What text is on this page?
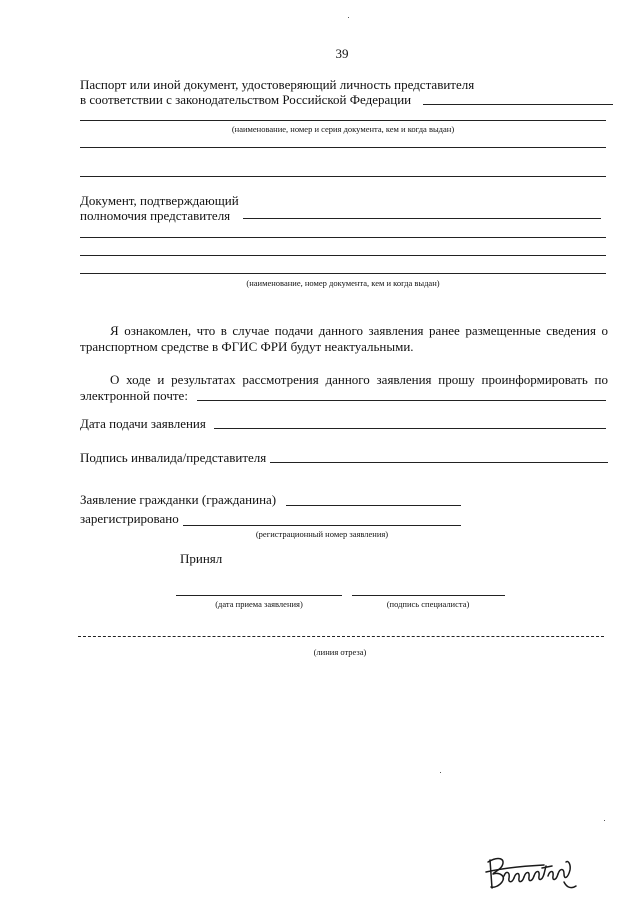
39
Паспорт или иной документ, удостоверяющий личность представителя
в соответствии с законодательством Российской Федерации
(наименование, номер и серия документа, кем и когда выдан)
Документ, подтверждающий
полномочия представителя
(наименование, номер документа, кем и когда выдан)
Я ознакомлен, что в случае подачи данного заявления ранее размещенные сведения о
транспортном средстве в ФГИС ФРИ будут неактуальными.
О ходе и результатах рассмотрения данного заявления прошу проинформировать по
электронной почте:
Дата подачи заявления
Подпись инвалида/представителя
Заявление гражданки (гражданина)
зарегистрировано
(регистрационный номер заявления)
Принял
(дата приема заявления)	(подпись специалиста)
(линия отреза)
